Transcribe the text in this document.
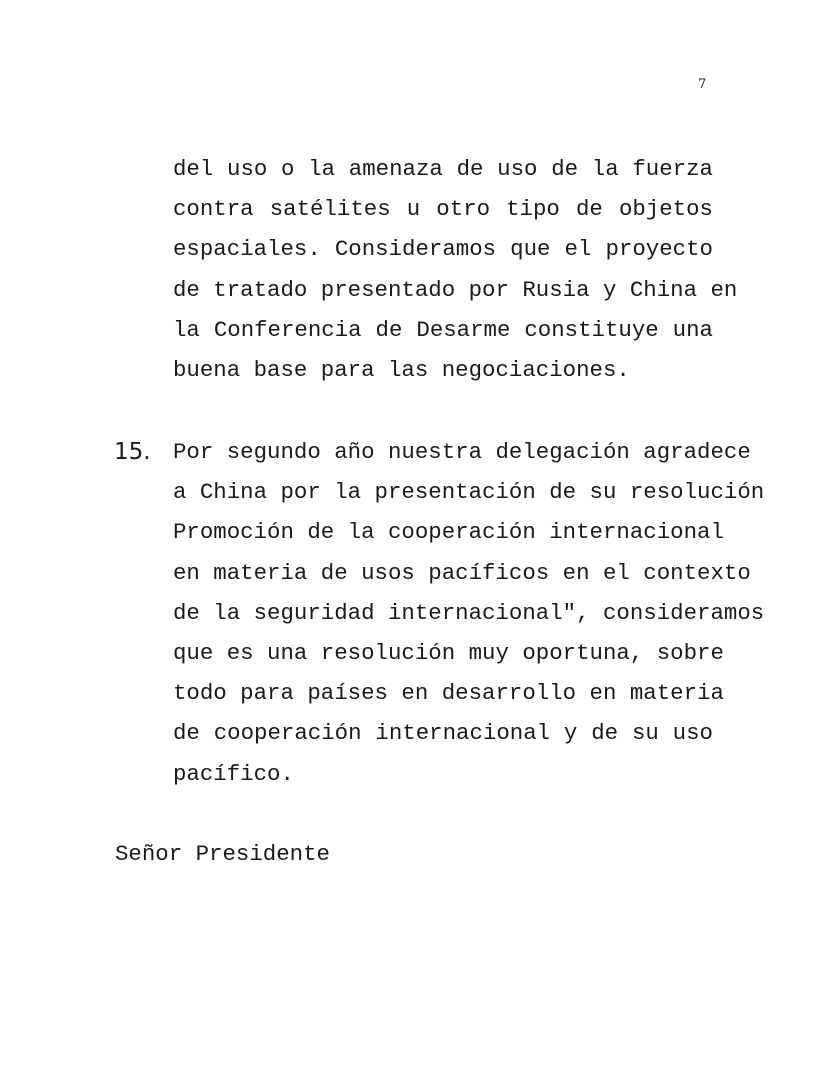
7
del uso o la amenaza de uso de la fuerza
contra satélites u otro tipo de objetos
espaciales. Consideramos que el proyecto
de tratado presentado por Rusia y China en
la Conferencia de Desarme constituye una
buena base para las negociaciones.
15. Por segundo año nuestra delegación agradece
a China por la presentación de su resolución
Promoción de la cooperación internacional
en materia de usos pacíficos en el contexto
de la seguridad internacional", consideramos
que es una resolución muy oportuna, sobre
todo para países en desarrollo en materia
de cooperación internacional y de su uso
pacífico.
Señor Presidente
